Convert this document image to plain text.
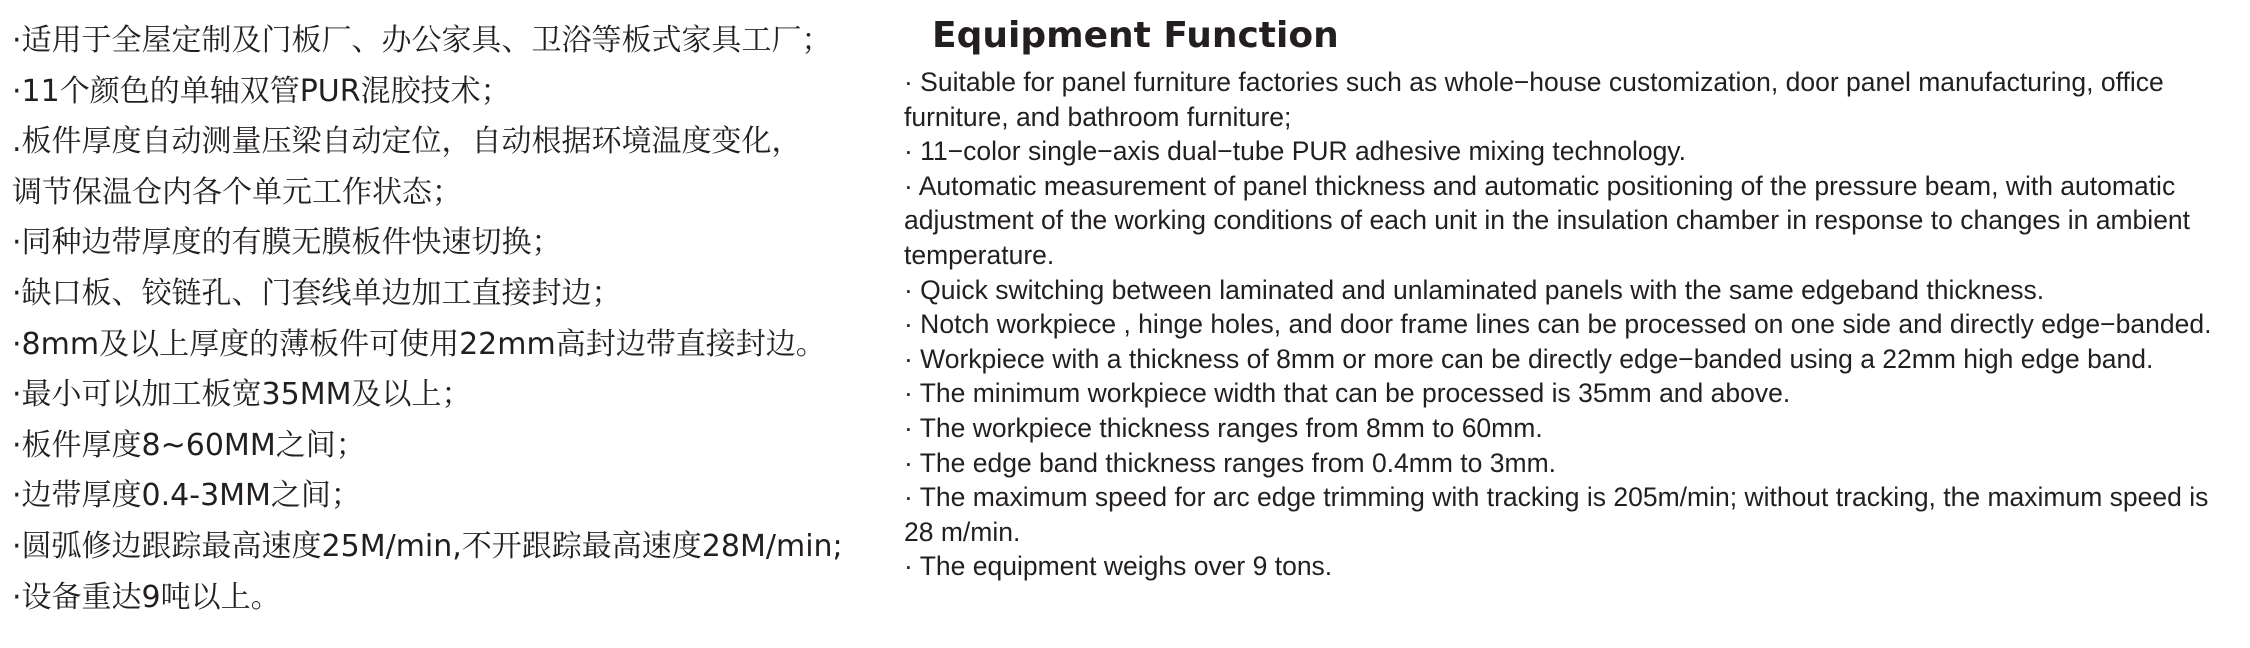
·适用于全屋定制及门板厂、办公家具、卫浴等板式家具工厂；
·11个颜色的单轴双管PUR混胶技术；
.板件厚度自动测量压梁自动定位，自动根据环境温度变化，
调节保温仓内各个单元工作状态；
·同种边带厚度的有膜无膜板件快速切换；
·缺口板、铰链孔、门套线单边加工直接封边；
·8mm及以上厚度的薄板件可使用22mm高封边带直接封边。
·最小可以加工板宽35MM及以上；
·板件厚度8~60MM之间；
·边带厚度0.4-3MM之间；
·圆弧修边跟踪最高速度25M/min,不开跟踪最高速度28M/min;
·设备重达9吨以上。
Equipment Function

· Suitable for panel furniture factories such as whole−house customization, door panel manufacturing, office furniture, and bathroom furniture;

· 11−color single−axis dual−tube PUR adhesive mixing technology.

· Automatic measurement of panel thickness and automatic positioning of the pressure beam, with automatic adjustment of the working conditions of each unit in the insulation chamber in response to changes in ambient temperature.

· Quick switching between laminated and unlaminated panels with the same edgeband thickness.

· Notch workpiece , hinge holes, and door frame lines can be processed on one side and directly edge−banded.

· Workpiece with a thickness of 8mm or more can be directly edge−banded using a 22mm high edge band.

· The minimum workpiece width that can be processed is 35mm and above.

· The workpiece thickness ranges from 8mm to 60mm.

· The edge band thickness ranges from 0.4mm to 3mm.

· The maximum speed for arc edge trimming with tracking is 205m/min; without tracking, the maximum speed is 28 m/min.

· The equipment weighs over 9 tons.
